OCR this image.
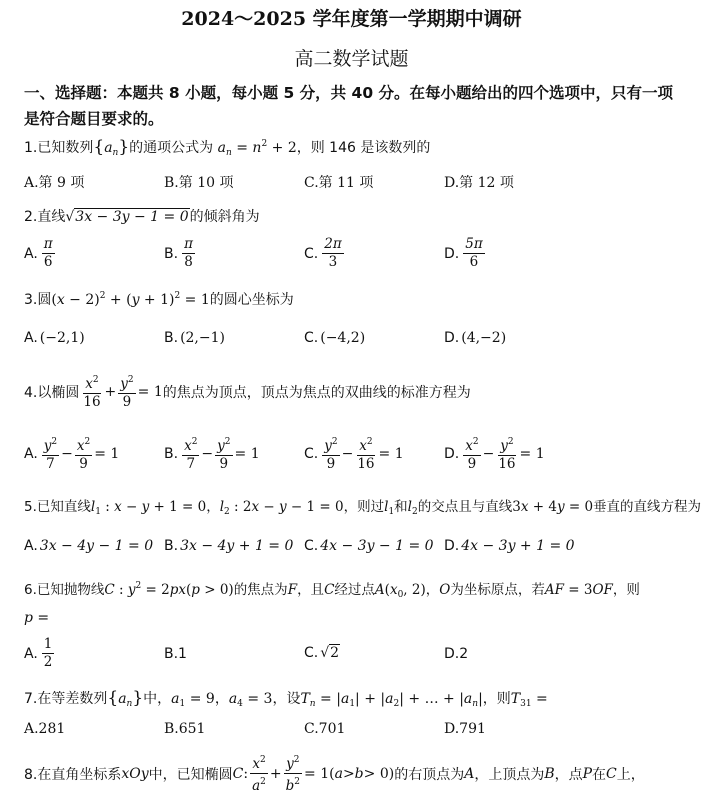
2024～2025 学年度第一学期期中调研
高二数学试题
一、选择题：本题共 8 小题，每小题 5 分，共 40 分。在每小题给出的四个选项中，只有一项是符合题目要求的。
1.已知数列$\{a_n\}$的通项公式为 $a_n = n^2 + 2$，则 146 是该数列的
A.第 9 项	B.第 10 项	C.第 11 项	D.第 12 项
2.直线√3x − 3y − 1 = 0的倾斜角为
A. $\frac{\pi}{6}$	B. $\frac{\pi}{8}$	C. $\frac{2\pi}{3}$	D. $\frac{5\pi}{6}$
3.圆$(x - 2)^2 + (y + 1)^2 = 1$的圆心坐标为
A. (−2,1)	B. (2,−1)	C. (−4,2)	D. (4,−2)
4.以椭圆 $\frac{x^2}{16} + \frac{y^2}{9} = 1$ 的焦点为顶点，顶点为焦点的双曲线的标准方程为
A. $\frac{y^2}{7} - \frac{x^2}{9} = 1$	B. $\frac{x^2}{7} - \frac{y^2}{9} = 1$	C. $\frac{y^2}{9} - \frac{x^2}{16} = 1$	D. $\frac{x^2}{9} - \frac{y^2}{16} = 1$
5.已知直线$l_1$ : x − y + 1 = 0，$l_2$ : 2x − y − 1 = 0，则过$l_1$和$l_2$的交点且与直线3x + 4y = 0垂直的直线方程为
A. 3x − 4y − 1 = 0 B. 3x − 4y + 1 = 0 C. 4x − 3y − 1 = 0 D. 4x − 3y + 1 = 0
6.已知抛物线C : $y^2 = 2px(p > 0)$的焦点为F，且C经过点$A(x_0$, 2)，O为坐标原点，若AF = 3OF，则
p =
A. $\frac{1}{2}$	B.1	C. √ 2	D.2
7.在等差数列$\{a_n\}$中，$a_1 = 9$，$a_4 = 3$，设$T_n = |a_1| + |a_2|$ + … + $|a_n|$，则$T_{31}$ =
A.281	B.651	C.701	D.791
8.在直角坐标系 xOy 中，已知椭圆 C : $\frac{x^2}{a^2} + \frac{y^2}{b^2} = 1$( a > b > 0) 的右顶点为 A ，上顶点为 B ，点 P 在 C 上，
